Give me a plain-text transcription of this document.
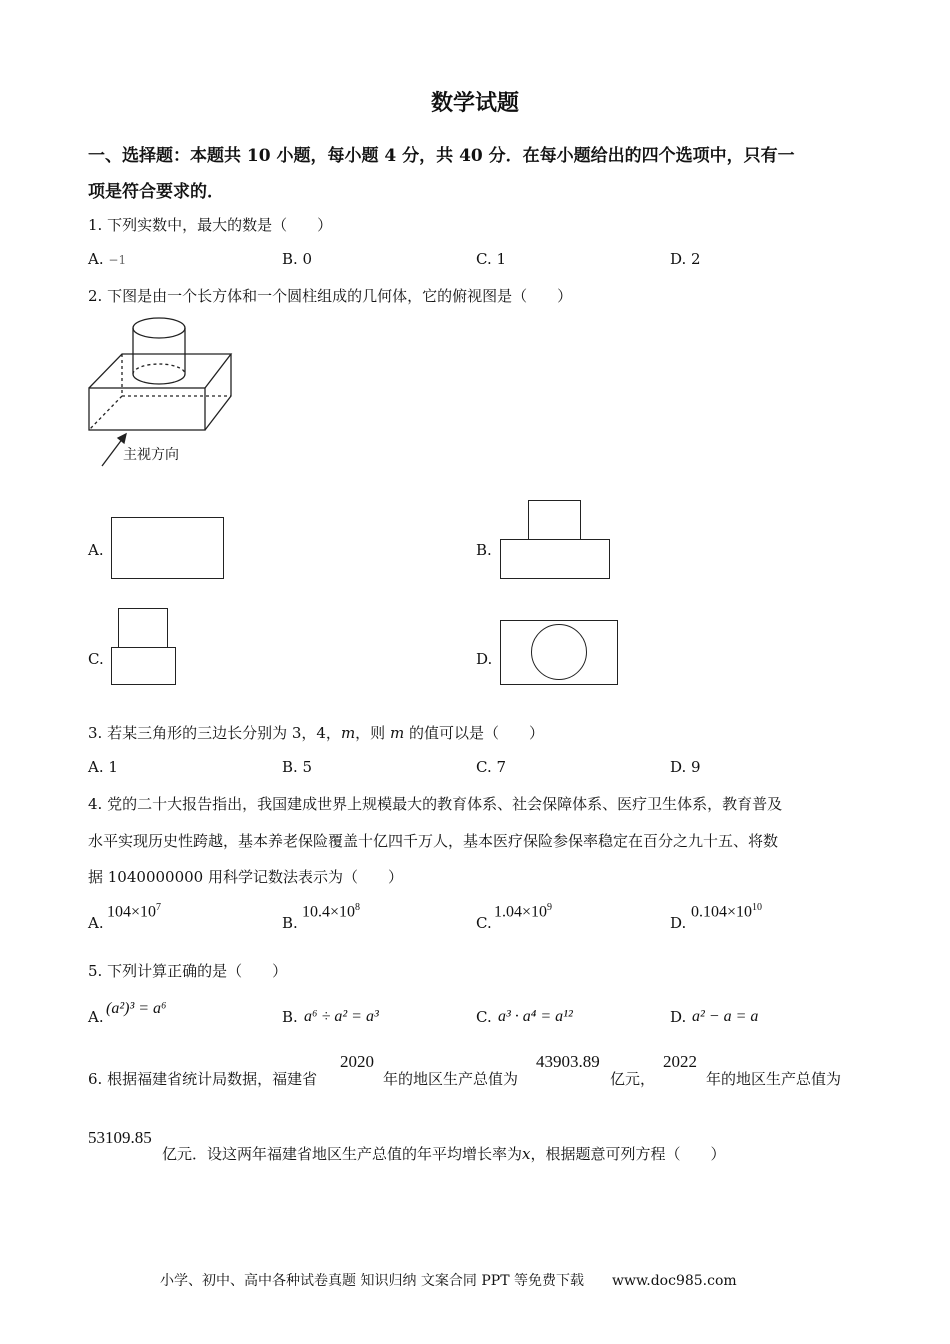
数学试题
一、选择题：本题共 10 小题，每小题 4 分，共 40 分．在每小题给出的四个选项中，只有一
项是符合要求的．
1. 下列实数中，最大的数是（　　）
A. −1	B. 0	C. 1	D. 2
2. 下图是由一个长方体和一个圆柱组成的几何体，它的俯视图是（　　）
主视方向
A.	B.
C.	D.
3. 若某三角形的三边长分别为 3，4，m，则 m 的值可以是（　　）
A. 1	B. 5	C. 7	D. 9
4. 党的二十大报告指出，我国建成世界上规模最大的教育体系、社会保障体系、医疗卫生体系，教育普及
水平实现历史性跨越，基本养老保险覆盖十亿四千万人，基本医疗保险参保率稳定在百分之九十五、将数
据 1040000000 用科学记数法表示为（　　）
A.
$104\times 10^7$
B.
$10.4\times 10^8$
C.
$1.04\times 10^9$
D.
$0.104\times 10^{10}$
5. 下列计算正确的是（　　）
A. (a²)³ = a⁶	B. a⁶ ÷ a² = a³	C. a³ · a⁴ = a¹²	D. a² − a = a
6. 根据福建省统计局数据，福建省
2020
年的地区生产总值为
43903.89
亿元，
2022
年的地区生产总值为
53109.85
亿元．设这两年福建省地区生产总值的年平均增长率为x，根据题意可列方程（　　）
小学、初中、高中各种试卷真题 知识归纳 文案合同 PPT 等免费下载　　www.doc985.com
